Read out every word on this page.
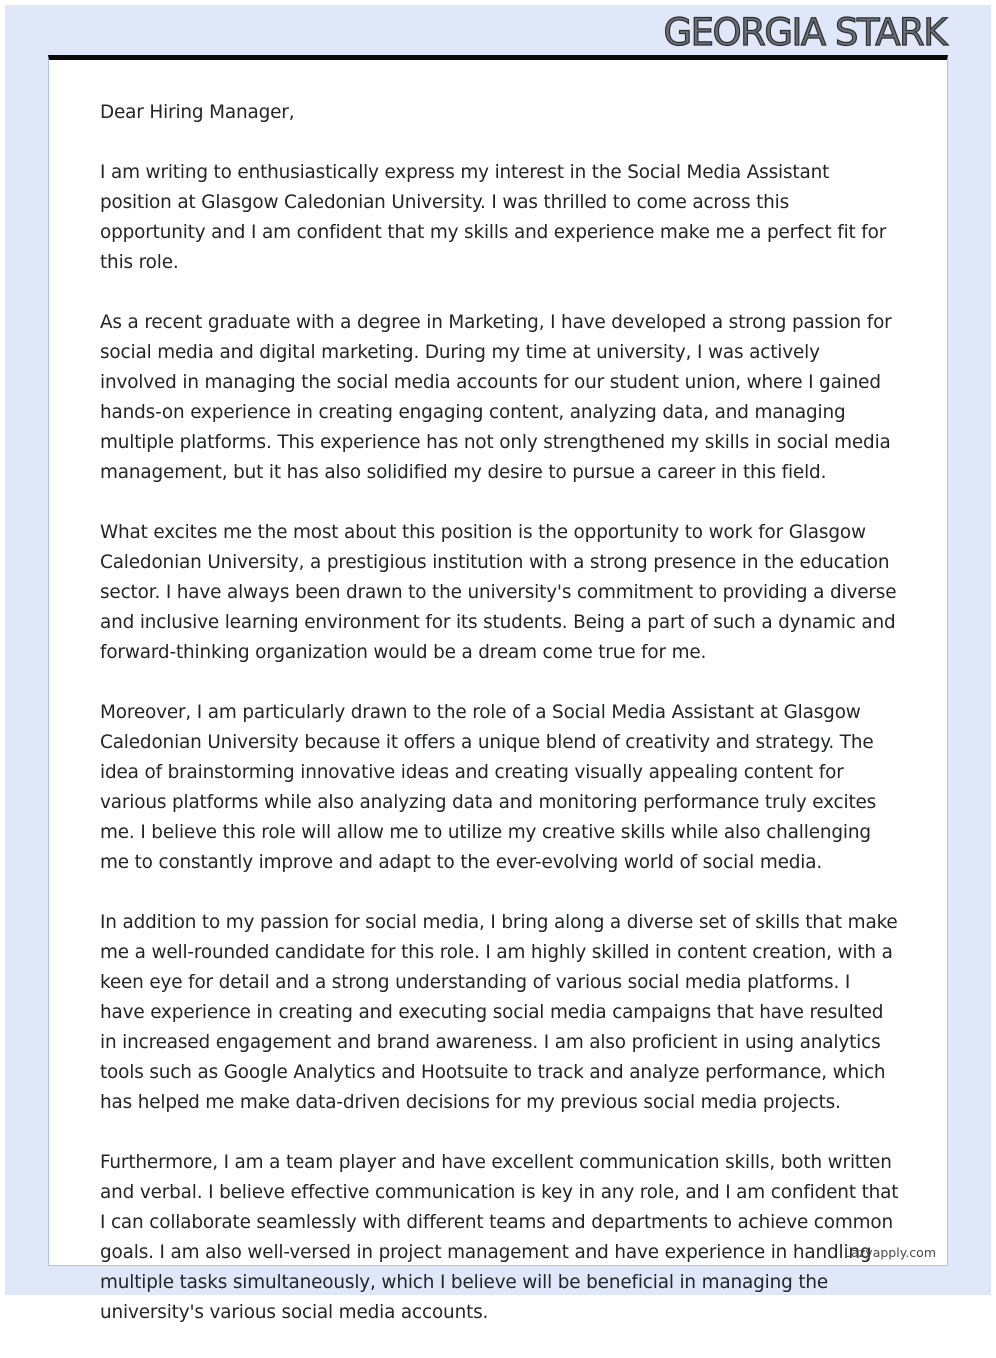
GEORGIA STARK

Dear Hiring Manager,

I am writing to enthusiastically express my interest in the Social Media Assistant position at Glasgow Caledonian University. I was thrilled to come across this opportunity and I am confident that my skills and experience make me a perfect fit for this role.

As a recent graduate with a degree in Marketing, I have developed a strong passion for social media and digital marketing. During my time at university, I was actively involved in managing the social media accounts for our student union, where I gained hands-on experience in creating engaging content, analyzing data, and managing multiple platforms. This experience has not only strengthened my skills in social media management, but it has also solidified my desire to pursue a career in this field.

What excites me the most about this position is the opportunity to work for Glasgow Caledonian University, a prestigious institution with a strong presence in the education sector. I have always been drawn to the university's commitment to providing a diverse and inclusive learning environment for its students. Being a part of such a dynamic and forward-thinking organization would be a dream come true for me.

Moreover, I am particularly drawn to the role of a Social Media Assistant at Glasgow Caledonian University because it offers a unique blend of creativity and strategy. The idea of brainstorming innovative ideas and creating visually appealing content for various platforms while also analyzing data and monitoring performance truly excites me. I believe this role will allow me to utilize my creative skills while also challenging me to constantly improve and adapt to the ever-evolving world of social media.

In addition to my passion for social media, I bring along a diverse set of skills that make me a well-rounded candidate for this role. I am highly skilled in content creation, with a keen eye for detail and a strong understanding of various social media platforms. I have experience in creating and executing social media campaigns that have resulted in increased engagement and brand awareness. I am also proficient in using analytics tools such as Google Analytics and Hootsuite to track and analyze performance, which has helped me make data-driven decisions for my previous social media projects.

Furthermore, I am a team player and have excellent communication skills, both written and verbal. I believe effective communication is key in any role, and I am confident that I can collaborate seamlessly with different teams and departments to achieve common goals. I am also well-versed in project management and have experience in handling multiple tasks simultaneously, which I believe will be beneficial in managing the university's various social media accounts.

Lazyapply.com
